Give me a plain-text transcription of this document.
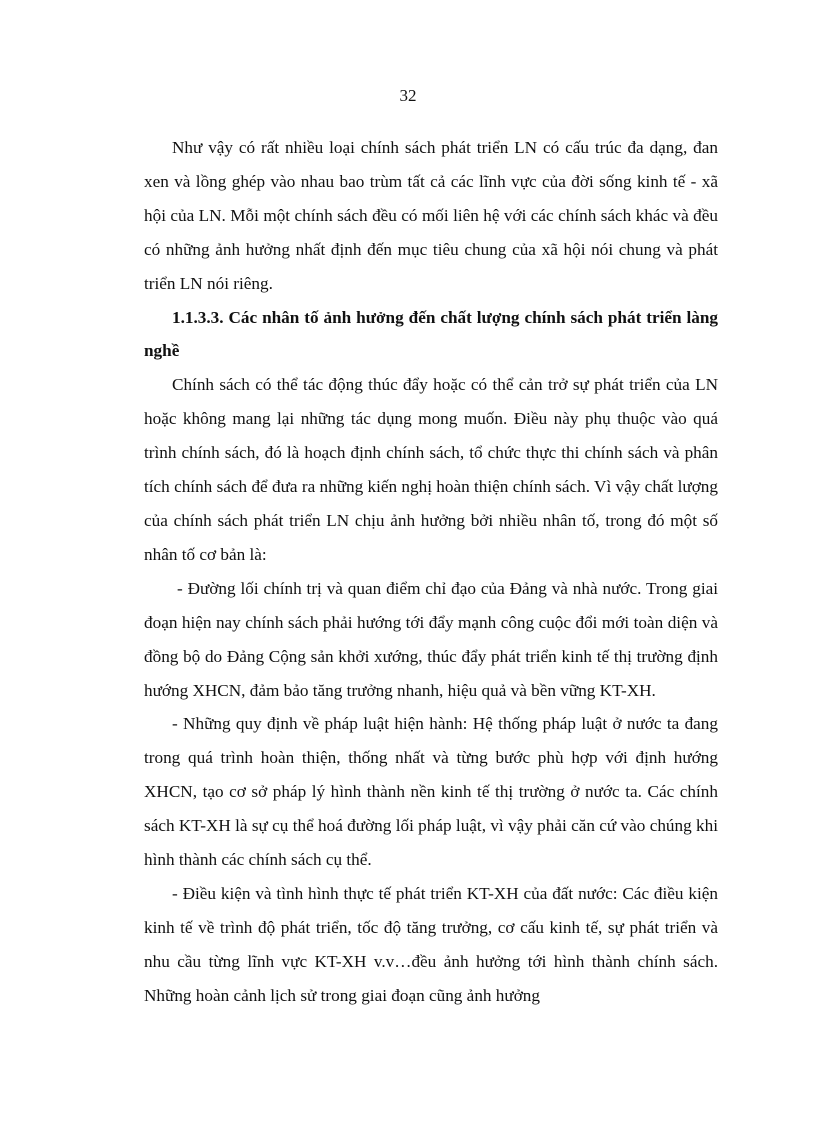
32

Như vậy có rất nhiều loại chính sách phát triển LN có cấu trúc đa dạng, đan xen và lồng ghép vào nhau bao trùm tất cả các lĩnh vực của đời sống kinh tế - xã hội của LN. Mỗi một chính sách đều có mối liên hệ với các chính sách khác và đều có những ảnh hưởng nhất định đến mục tiêu chung của xã hội nói chung và phát triển LN nói riêng.

1.1.3.3. Các nhân tố ảnh hưởng đến chất lượng chính sách phát triển làng nghề

Chính sách có thể tác động thúc đẩy hoặc có thể cản trở sự phát triển của LN hoặc không mang lại những tác dụng mong muốn. Điều này phụ thuộc vào quá trình chính sách, đó là hoạch định chính sách, tổ chức thực thi chính sách và phân tích chính sách để đưa ra những kiến nghị hoàn thiện chính sách. Vì vậy chất lượng của chính sách phát triển LN chịu ảnh hưởng bởi nhiều nhân tố, trong đó một số nhân tố cơ bản là:

- Đường lối chính trị và quan điểm chỉ đạo của Đảng và nhà nước. Trong giai đoạn hiện nay chính sách phải hướng tới đẩy mạnh công cuộc đổi mới toàn diện và đồng bộ do Đảng Cộng sản khởi xướng, thúc đẩy phát triển kinh tế thị trường định hướng XHCN, đảm bảo tăng trưởng nhanh, hiệu quả và bền vững KT-XH.

- Những quy định về pháp luật hiện hành: Hệ thống pháp luật ở nước ta đang trong quá trình hoàn thiện, thống nhất và từng bước phù hợp với định hướng XHCN, tạo cơ sở pháp lý hình thành nền kinh tế thị trường ở nước ta. Các chính sách KT-XH là sự cụ thể hoá đường lối pháp luật, vì vậy phải căn cứ vào chúng khi hình thành các chính sách cụ thể.

- Điều kiện và tình hình thực tế phát triển KT-XH của đất nước: Các điều kiện kinh tế về trình độ phát triển, tốc độ tăng trưởng, cơ cấu kinh tế, sự phát triển và nhu cầu từng lĩnh vực KT-XH v.v…đều ảnh hưởng tới hình thành chính sách. Những hoàn cảnh lịch sử trong giai đoạn cũng ảnh hưởng
